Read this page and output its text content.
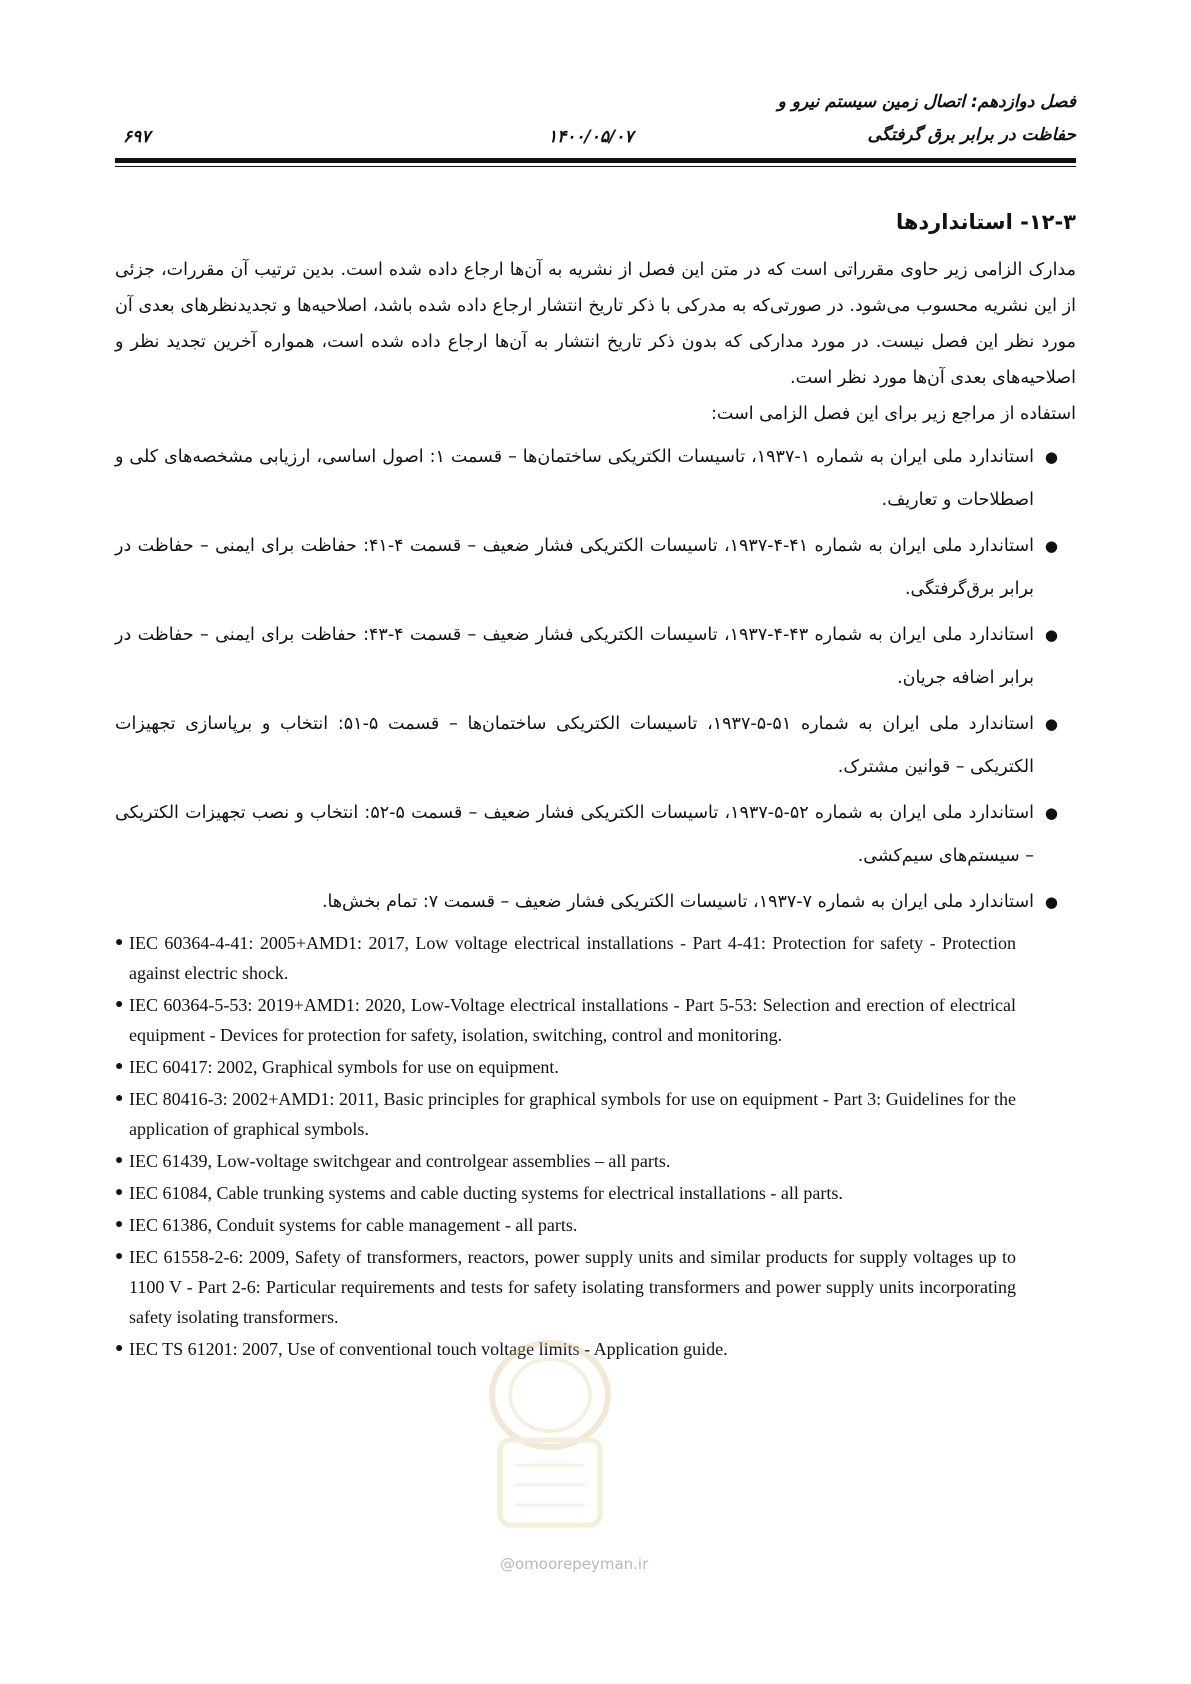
فصل دوازدهم: اتصال زمین سیستم نیرو و
حفاظت در برابر برق گرفتگی
۱۴۰۰/۰۵/۰۷
۶۹۷
۱۲-۳- استانداردها

مدارک الزامی زیر حاوی مقرراتی است که در متن این فصل از نشریه به آن‌ها ارجاع داده شده است. بدین ترتیب آن مقررات، جزئی از این نشریه محسوب می‌شود. در صورتی‌که به مدرکی با ذکر تاریخ انتشار ارجاع داده شده باشد، اصلاحیه‌ها و تجدیدنظرهای بعدی آن مورد نظر این فصل نیست. در مورد مدارکی که بدون ذکر تاریخ انتشار به آن‌ها ارجاع داده شده است، همواره آخرین تجدید نظر و اصلاحیه‌های بعدی آن‌ها مورد نظر است.

استفاده از مراجع زیر برای این فصل الزامی است:

●
استاندارد ملی ایران به شماره ۱-۱۹۳۷، تاسیسات الکتریکی ساختمان‌ها – قسمت ۱: اصول اساسی، ارزیابی مشخصه‌های کلی و اصطلاحات و تعاریف.
●
استاندارد ملی ایران به شماره ۴۱-۴-۱۹۳۷، تاسیسات الکتریکی فشار ضعیف – قسمت ۴-۴۱: حفاظت برای ایمنی – حفاظت در برابر برق‌گرفتگی.
●
استاندارد ملی ایران به شماره ۴۳-۴-۱۹۳۷، تاسیسات الکتریکی فشار ضعیف – قسمت ۴-۴۳: حفاظت برای ایمنی – حفاظت در برابر اضافه جریان.
●
استاندارد ملی ایران به شماره ۵۱-۵-۱۹۳۷، تاسیسات الکتریکی ساختمان‌ها – قسمت ۵-۵۱: انتخاب و برپاسازی تجهیزات الکتریکی – قوانین مشترک.
●
استاندارد ملی ایران به شماره ۵۲-۵-۱۹۳۷، تاسیسات الکتریکی فشار ضعیف – قسمت ۵-۵۲: انتخاب و نصب تجهیزات الکتریکی – سیستم‌های سیم‌کشی.
●
استاندارد ملی ایران به شماره ۷-۱۹۳۷، تاسیسات الکتریکی فشار ضعیف – قسمت ۷: تمام بخش‌ها.
● IEC 60364-4-41: 2005+AMD1: 2017, Low voltage electrical installations - Part 4-41: Protection for safety - Protection against electric shock.
● IEC 60364-5-53: 2019+AMD1: 2020, Low-Voltage electrical installations - Part 5-53: Selection and erection of electrical equipment - Devices for protection for safety, isolation, switching, control and monitoring.
● IEC 60417: 2002, Graphical symbols for use on equipment.
● IEC 80416-3: 2002+AMD1: 2011, Basic principles for graphical symbols for use on equipment - Part 3: Guidelines for the application of graphical symbols.
● IEC 61439, Low-voltage switchgear and controlgear assemblies – all parts.
● IEC 61084, Cable trunking systems and cable ducting systems for electrical installations - all parts.
● IEC 61386, Conduit systems for cable management - all parts.
● IEC 61558-2-6: 2009, Safety of transformers, reactors, power supply units and similar products for supply voltages up to 1100 V - Part 2-6: Particular requirements and tests for safety isolating transformers and power supply units incorporating safety isolating transformers.
● IEC TS 61201: 2007, Use of conventional touch voltage limits - Application guide.
@omoorepeyman.ir
